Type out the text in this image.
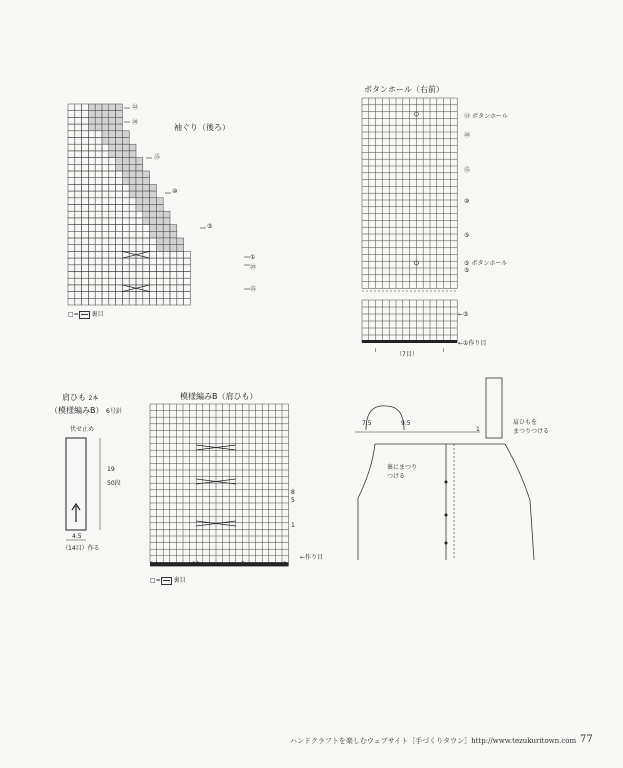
袖ぐり（後ろ）
㉒
⑳
⑮
⑩
⑤
①
㉙
㉕
□= 裏目
ボタンホール（右前）
⑬ ボタンホール
⑳
⑮
⑩
⑤
⑤ ボタンホール
⑤
←⑤
←①作り目
（7目）
肩ひも 2本
（模様編みB） 6号針
伏せ止め
19
50段
4.5
（14目）作る
模様編みB（肩ひも）
8
5
1
14	10	5	1
←作り目
□= 裏目
7.5	9.5
1
肩ひもを
まつりつける
裏にまつり
つける
ハンドクラフトを楽しむウェブサイト［手づくりタウン］http://www.tezukuritown.com 77
